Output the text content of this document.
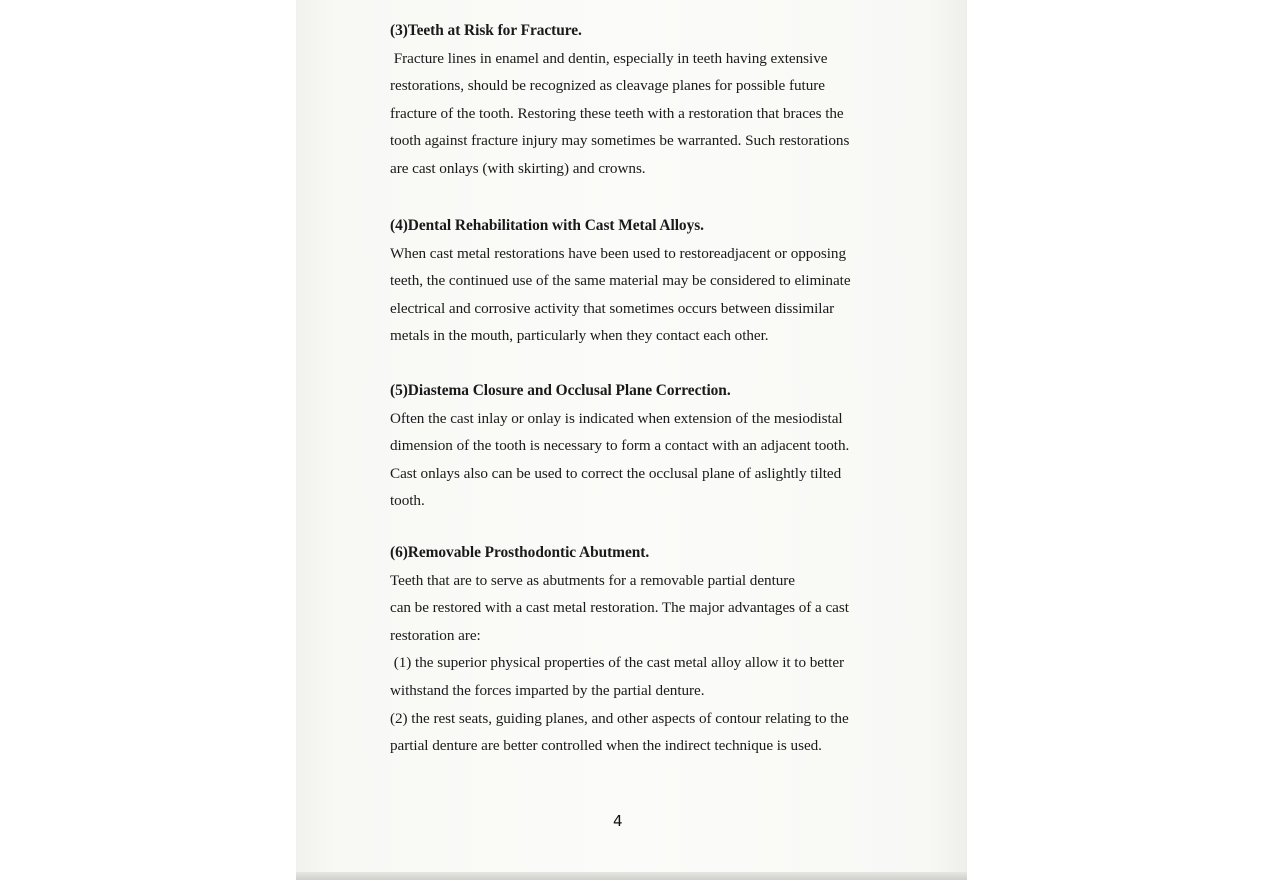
(3)Teeth at Risk for Fracture.
Fracture lines in enamel and dentin, especially in teeth having extensive
restorations, should be recognized as cleavage planes for possible future
fracture of the tooth. Restoring these teeth with a restoration that braces the
tooth against fracture injury may sometimes be warranted. Such restorations
are cast onlays (with skirting) and crowns.
(4)Dental Rehabilitation with Cast Metal Alloys.
When cast metal restorations have been used to restoreadjacent or opposing
teeth, the continued use of the same material may be considered to eliminate
electrical and corrosive activity that sometimes occurs between dissimilar
metals in the mouth, particularly when they contact each other.
(5)Diastema Closure and Occlusal Plane Correction.
Often the cast inlay or onlay is indicated when extension of the mesiodistal
dimension of the tooth is necessary to form a contact with an adjacent tooth.
Cast onlays also can be used to correct the occlusal plane of aslightly tilted
tooth.
(6)Removable Prosthodontic Abutment.
Teeth that are to serve as abutments for a removable partial denture
can be restored with a cast metal restoration. The major advantages of a cast
restoration are:
(1) the superior physical properties of the cast metal alloy allow it to better
withstand the forces imparted by the partial denture.
(2) the rest seats, guiding planes, and other aspects of contour relating to the
partial denture are better controlled when the indirect technique is used.
4
